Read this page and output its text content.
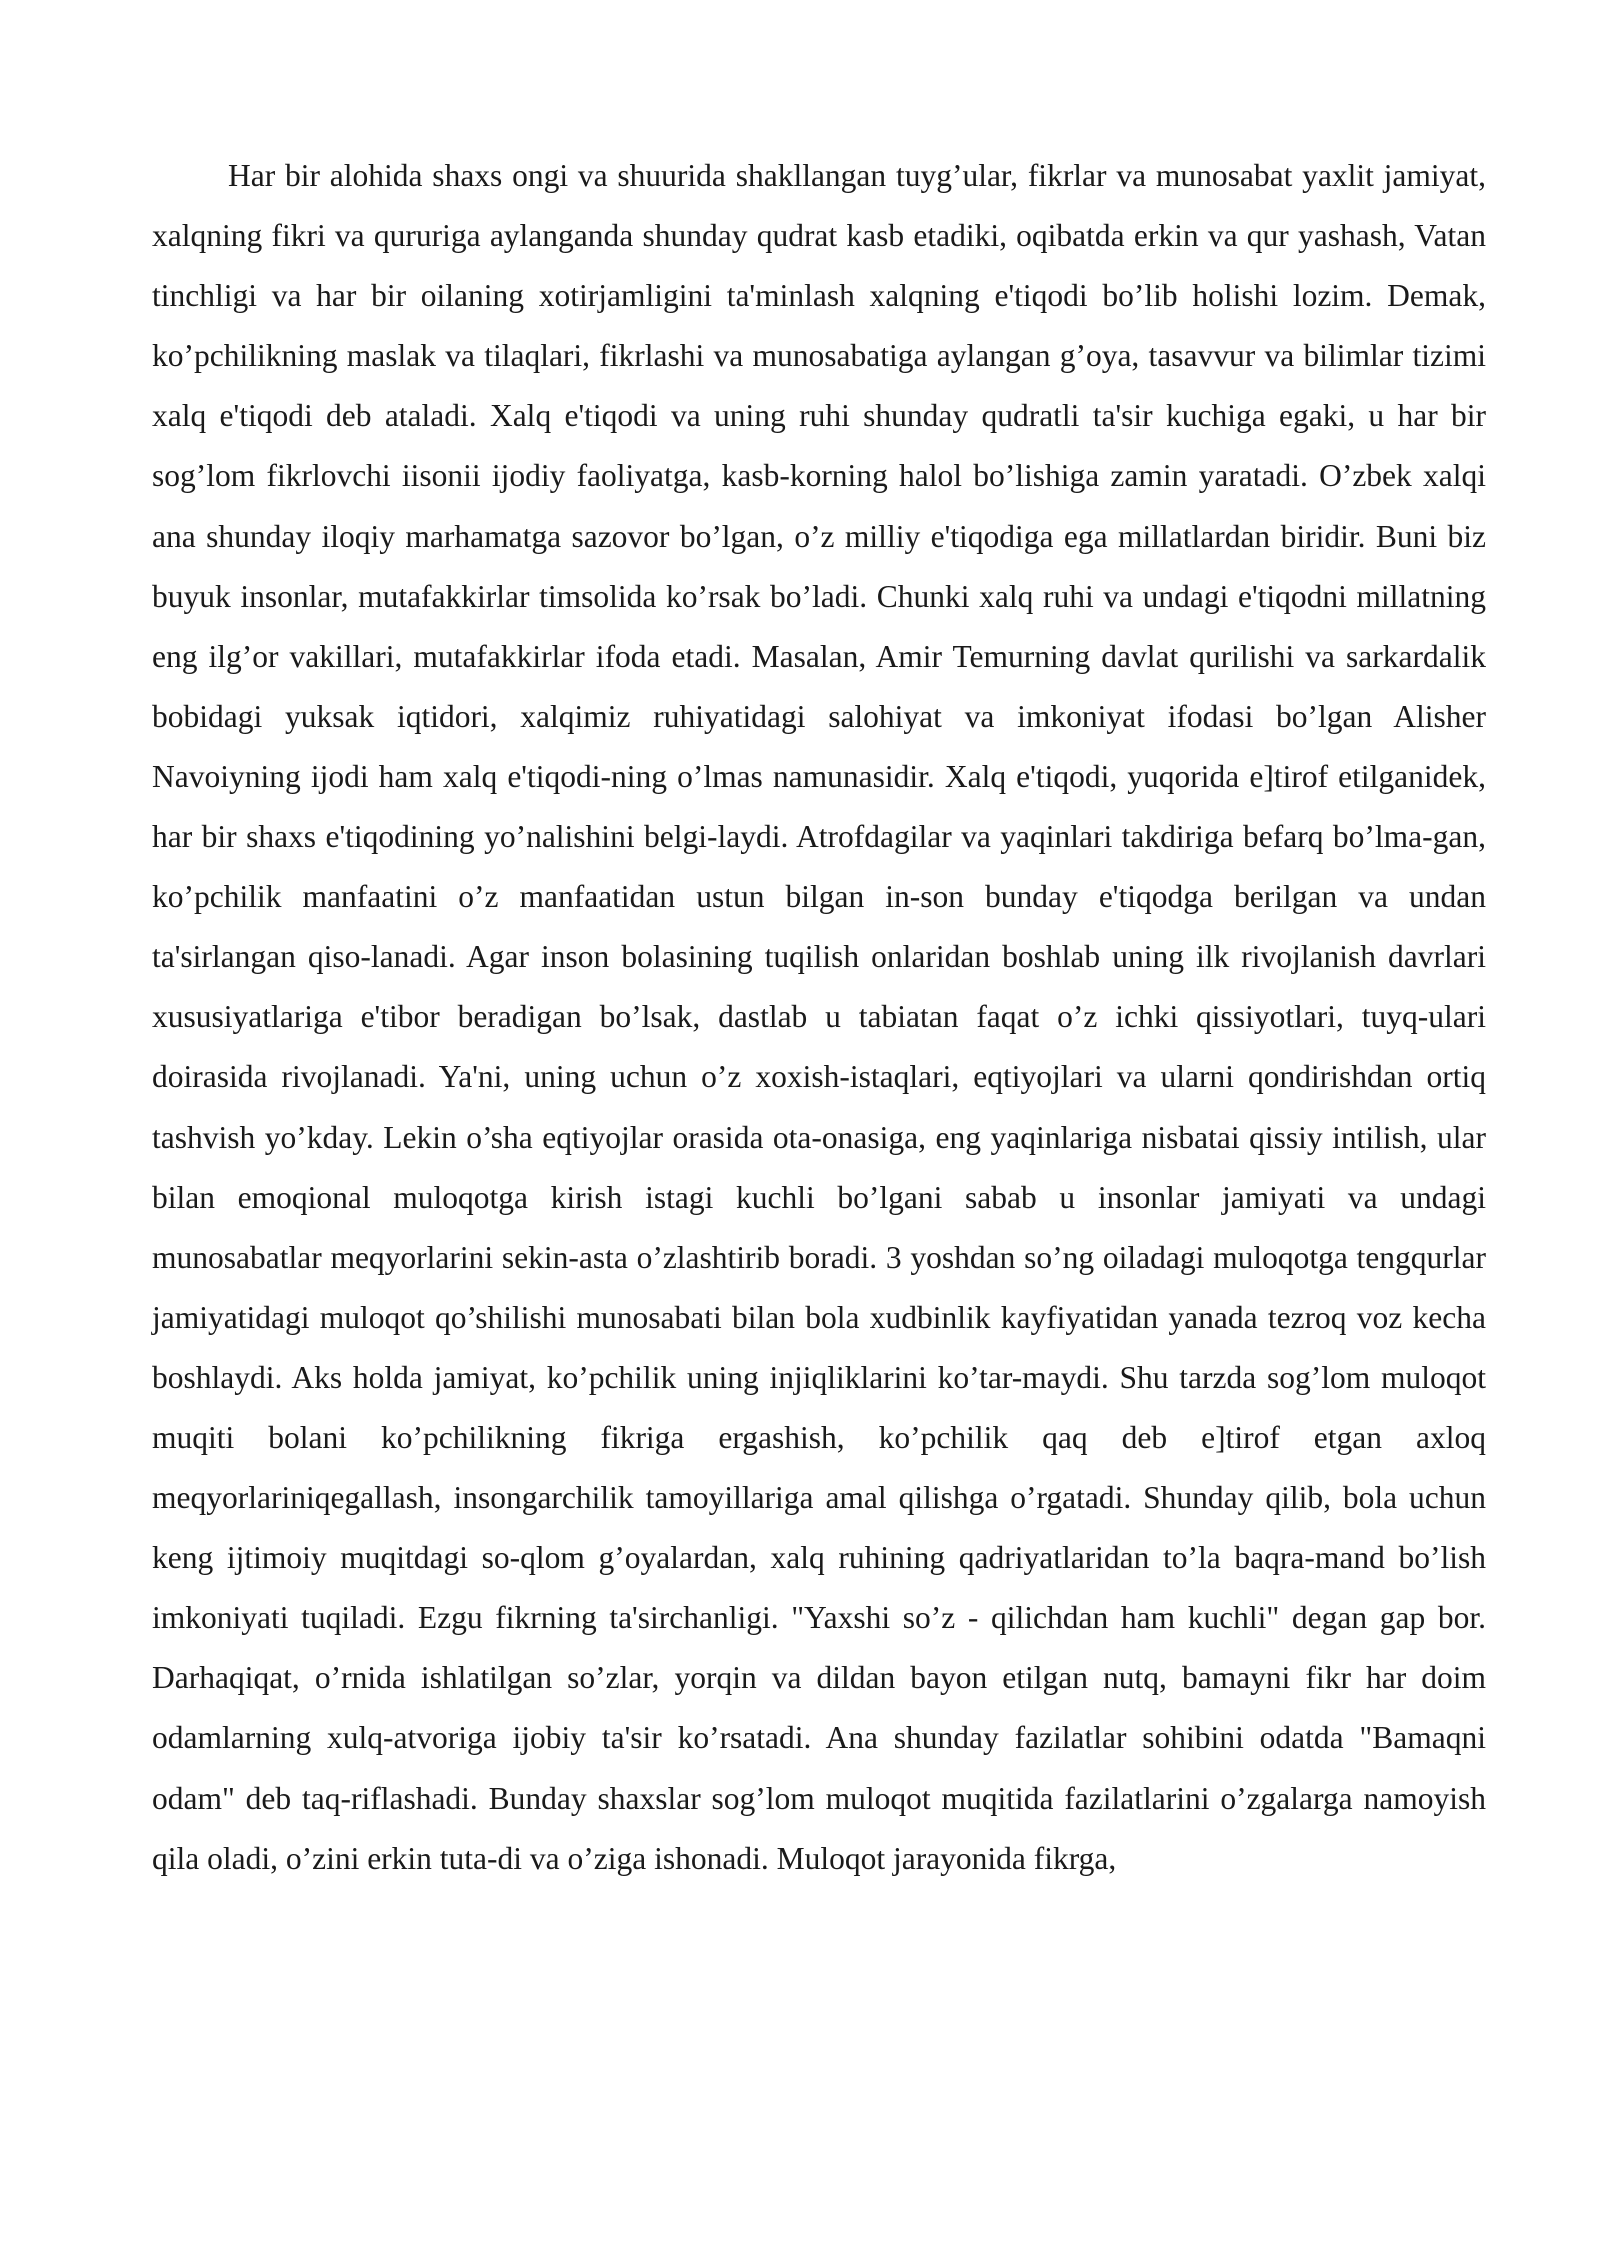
Har bir alohida shaxs ongi va shuurida shakllangan tuyg’ular, fikrlar va munosabat yaxlit jamiyat, xalqning fikri va qururiga aylanganda shunday qudrat kasb etadiki, oqibatda erkin va qur yashash, Vatan tinchligi va har bir oilaning xotirjamligini ta'minlash xalqning e'tiqodi bo’lib holishi lozim. Demak, ko’pchilikning maslak va tilaqlari, fikrlashi va munosabatiga aylangan g’oya, tasavvur va bilimlar tizimi xalq e'tiqodi deb ataladi. Xalq e'tiqodi va uning ruhi shunday qudratli ta'sir kuchiga egaki, u har bir sog’lom fikrlovchi iisonii ijodiy faoliyatga, kasb-korning halol bo’lishiga zamin yaratadi. O’zbek xalqi ana shunday iloqiy marhamatga sazovor bo’lgan, o’z milliy e'tiqodiga ega millatlardan biridir. Buni biz buyuk insonlar, mutafakkirlar timsolida ko’rsak bo’ladi. Chunki xalq ruhi va undagi e'tiqodni millatning eng ilg’or vakillari, mutafakkirlar ifoda etadi. Masalan, Amir Temurning davlat qurilishi va sarkardalik bobidagi yuksak iqtidori, xalqimiz ruhiyatidagi salohiyat va imkoniyat ifodasi bo’lgan Alisher Navoiyning ijodi ham xalq e'tiqodi-ning o’lmas namunasidir. Xalq e'tiqodi, yuqorida e]tirof etilganidek, har bir shaxs e'tiqodining yo’nalishini belgi-laydi. Atrofdagilar va yaqinlari takdiriga befarq bo’lma-gan, ko’pchilik manfaatini o’z manfaatidan ustun bilgan in-son bunday e'tiqodga berilgan va undan ta'sirlangan qiso-lanadi. Agar inson bolasining tuqilish onlaridan boshlab uning ilk rivojlanish davrlari xususiyatlariga e'tibor beradigan bo’lsak, dastlab u tabiatan faqat o’z ichki qissiyotlari, tuyq-ulari doirasida rivojlanadi. Ya'ni, uning uchun o’z xoxish-istaqlari, eqtiyojlari va ularni qondirishdan ortiq tashvish yo’kday. Lekin o’sha eqtiyojlar orasida ota-onasiga, eng yaqinlariga nisbatai qissiy intilish, ular bilan emoqional muloqotga kirish istagi kuchli bo’lgani sabab u insonlar jamiyati va undagi munosabatlar meqyorlarini sekin-asta o’zlashtirib boradi. 3 yoshdan so’ng oiladagi muloqotga tengqurlar jamiyatidagi muloqot qo’shilishi munosabati bilan bola xudbinlik kayfiyatidan yanada tezroq voz kecha boshlaydi. Aks holda jamiyat, ko’pchilik uning injiqliklarini ko’tar-maydi. Shu tarzda sog’lom muloqot muqiti bolani ko’pchilikning fikriga ergashish, ko’pchilik qaq deb e]tirof etgan axloq meqyorlariniqegallash, insongarchilik tamoyillariga amal qilishga o’rgatadi. Shunday qilib, bola uchun keng ijtimoiy muqitdagi so-qlom g’oyalardan, xalq ruhining qadriyatlaridan to’la baqra-mand bo’lish imkoniyati tuqiladi. Ezgu fikrning ta'sirchanligi. "Yaxshi so’z - qilichdan ham kuchli" degan gap bor. Darhaqiqat, o’rnida ishlatilgan so’zlar, yorqin va dildan bayon etilgan nutq, bamayni fikr har doim odamlarning xulq-atvoriga ijobiy ta'sir ko’rsatadi. Ana shunday fazilatlar sohibini odatda "Bamaqni odam" deb taq-riflashadi. Bunday shaxslar sog’lom muloqot muqitida fazilatlarini o’zgalarga namoyish qila oladi, o’zini erkin tuta-di va o’ziga ishonadi. Muloqot jarayonida fikrga,
